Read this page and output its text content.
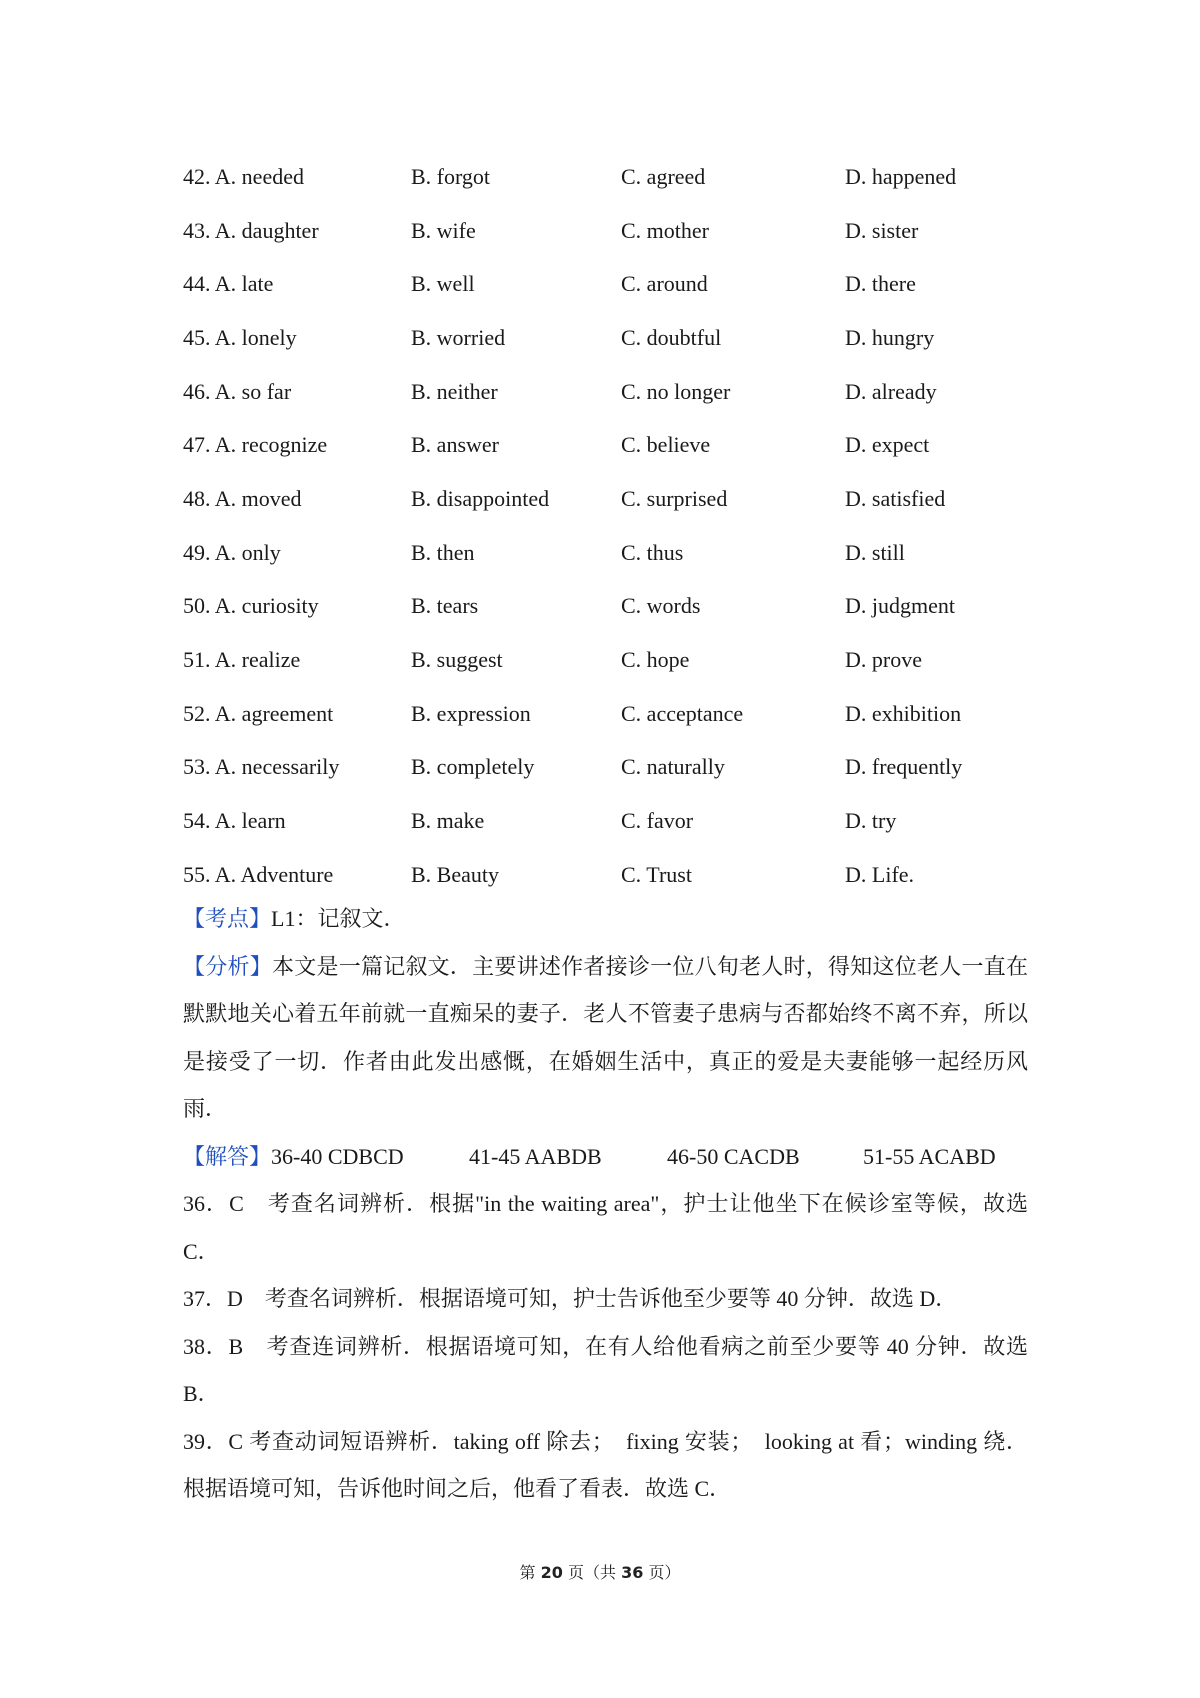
42. A. needed	B. forgot	C. agreed	D. happened
43. A. daughter	B. wife	C. mother	D. sister
44. A. late	B. well	C. around	D. there
45. A. lonely	B. worried	C. doubtful	D. hungry
46. A. so far	B. neither	C. no longer	D. already
47. A. recognize	B. answer	C. believe	D. expect
48. A. moved	B. disappointed	C. surprised	D. satisfied
49. A. only	B. then	C. thus	D. still
50. A. curiosity	B. tears	C. words	D. judgment
51. A. realize	B. suggest	C. hope	D. prove
52. A. agreement	B. expression	C. acceptance	D. exhibition
53. A. necessarily	B. completely	C. naturally	D. frequently
54. A. learn	B. make	C. favor	D. try
55. A. Adventure	B. Beauty	C. Trust	D. Life.

【考点】L1：记叙文．

【分析】本文是一篇记叙文．主要讲述作者接诊一位八旬老人时，得知这位老人一直在默默地关心着五年前就一直痴呆的妻子．老人不管妻子患病与否都始终不离不弃，所以是接受了一切．作者由此发出感慨，在婚姻生活中，真正的爱是夫妻能够一起经历风雨．

【解答】 36-40 CDBCD	41-45 AABDB	46-50 CACDB	51-55 ACABD

36．C　考查名词辨析．根据"in the waiting area"，护士让他坐下在候诊室等候，故选 C．

37．D　考查名词辨析．根据语境可知，护士告诉他至少要等 40 分钟．故选 D．

38．B　考查连词辨析．根据语境可知，在有人给他看病之前至少要等 40 分钟．故选 B．

39．C 考查动词短语辨析．taking off 除去；　fixing 安装；　looking at 看；winding 绕．根据语境可知，告诉他时间之后，他看了看表．故选 C．

第 20 页（共 36 页）
